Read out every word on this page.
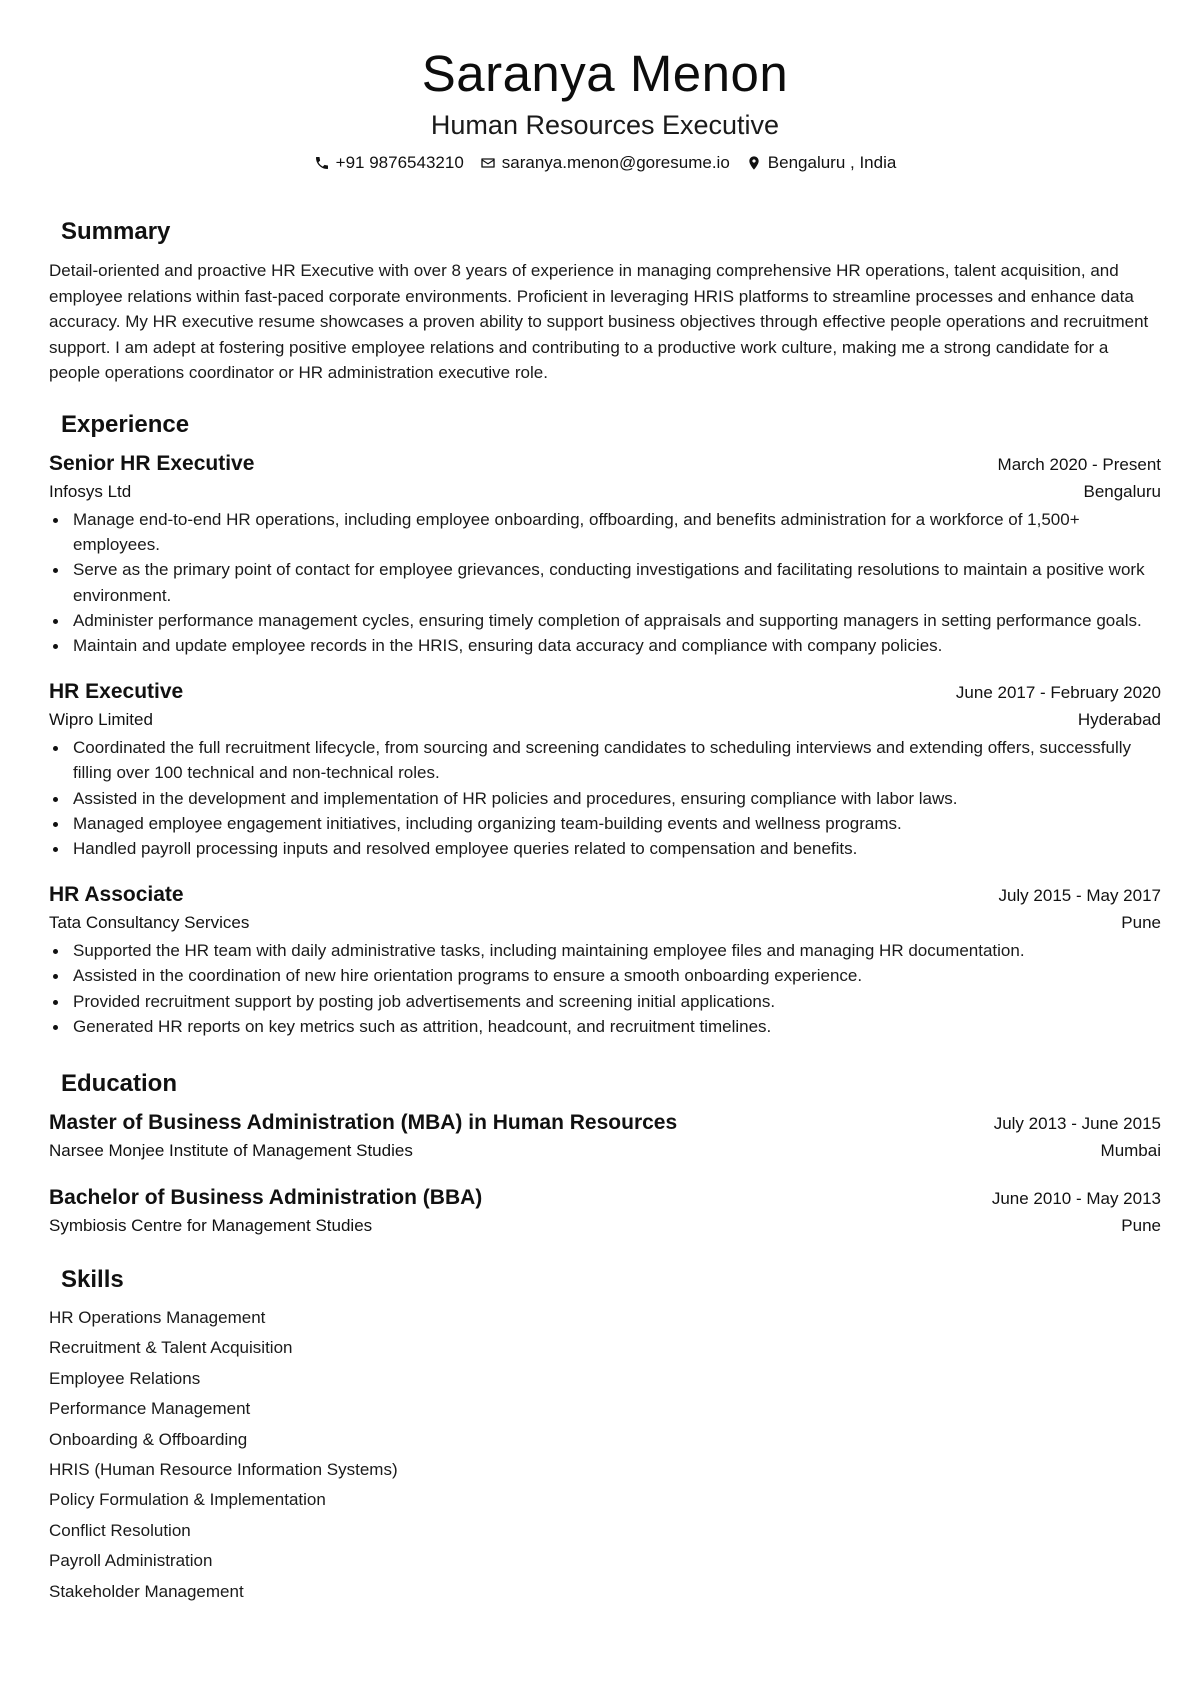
Saranya Menon
Human Resources Executive
+91 9876543210 saranya.menon@goresume.io Bengaluru , India
Summary

Detail-oriented and proactive HR Executive with over 8 years of experience in managing comprehensive HR operations, talent acquisition, and employee relations within fast-paced corporate environments. Proficient in leveraging HRIS platforms to streamline processes and enhance data accuracy. My HR executive resume showcases a proven ability to support business objectives through effective people operations and recruitment support. I am adept at fostering positive employee relations and contributing to a productive work culture, making me a strong candidate for a people operations coordinator or HR administration executive role.

Experience
Senior HR Executive	March 2020 - Present
Infosys Ltd	Bengaluru
Manage end-to-end HR operations, including employee onboarding, offboarding, and benefits administration for a workforce of 1,500+ employees.
Serve as the primary point of contact for employee grievances, conducting investigations and facilitating resolutions to maintain a positive work environment.
Administer performance management cycles, ensuring timely completion of appraisals and supporting managers in setting performance goals.
Maintain and update employee records in the HRIS, ensuring data accuracy and compliance with company policies.
HR Executive	June 2017 - February 2020
Wipro Limited	Hyderabad
Coordinated the full recruitment lifecycle, from sourcing and screening candidates to scheduling interviews and extending offers, successfully filling over 100 technical and non-technical roles.
Assisted in the development and implementation of HR policies and procedures, ensuring compliance with labor laws.
Managed employee engagement initiatives, including organizing team-building events and wellness programs.
Handled payroll processing inputs and resolved employee queries related to compensation and benefits.
HR Associate	July 2015 - May 2017
Tata Consultancy Services	Pune
Supported the HR team with daily administrative tasks, including maintaining employee files and managing HR documentation.
Assisted in the coordination of new hire orientation programs to ensure a smooth onboarding experience.
Provided recruitment support by posting job advertisements and screening initial applications.
Generated HR reports on key metrics such as attrition, headcount, and recruitment timelines.
Education
Master of Business Administration (MBA) in Human Resources	July 2013 - June 2015
Narsee Monjee Institute of Management Studies	Mumbai
Bachelor of Business Administration (BBA)	June 2010 - May 2013
Symbiosis Centre for Management Studies	Pune
Skills
HR Operations Management
Recruitment & Talent Acquisition
Employee Relations
Performance Management
Onboarding & Offboarding
HRIS (Human Resource Information Systems)
Policy Formulation & Implementation
Conflict Resolution
Payroll Administration
Stakeholder Management
